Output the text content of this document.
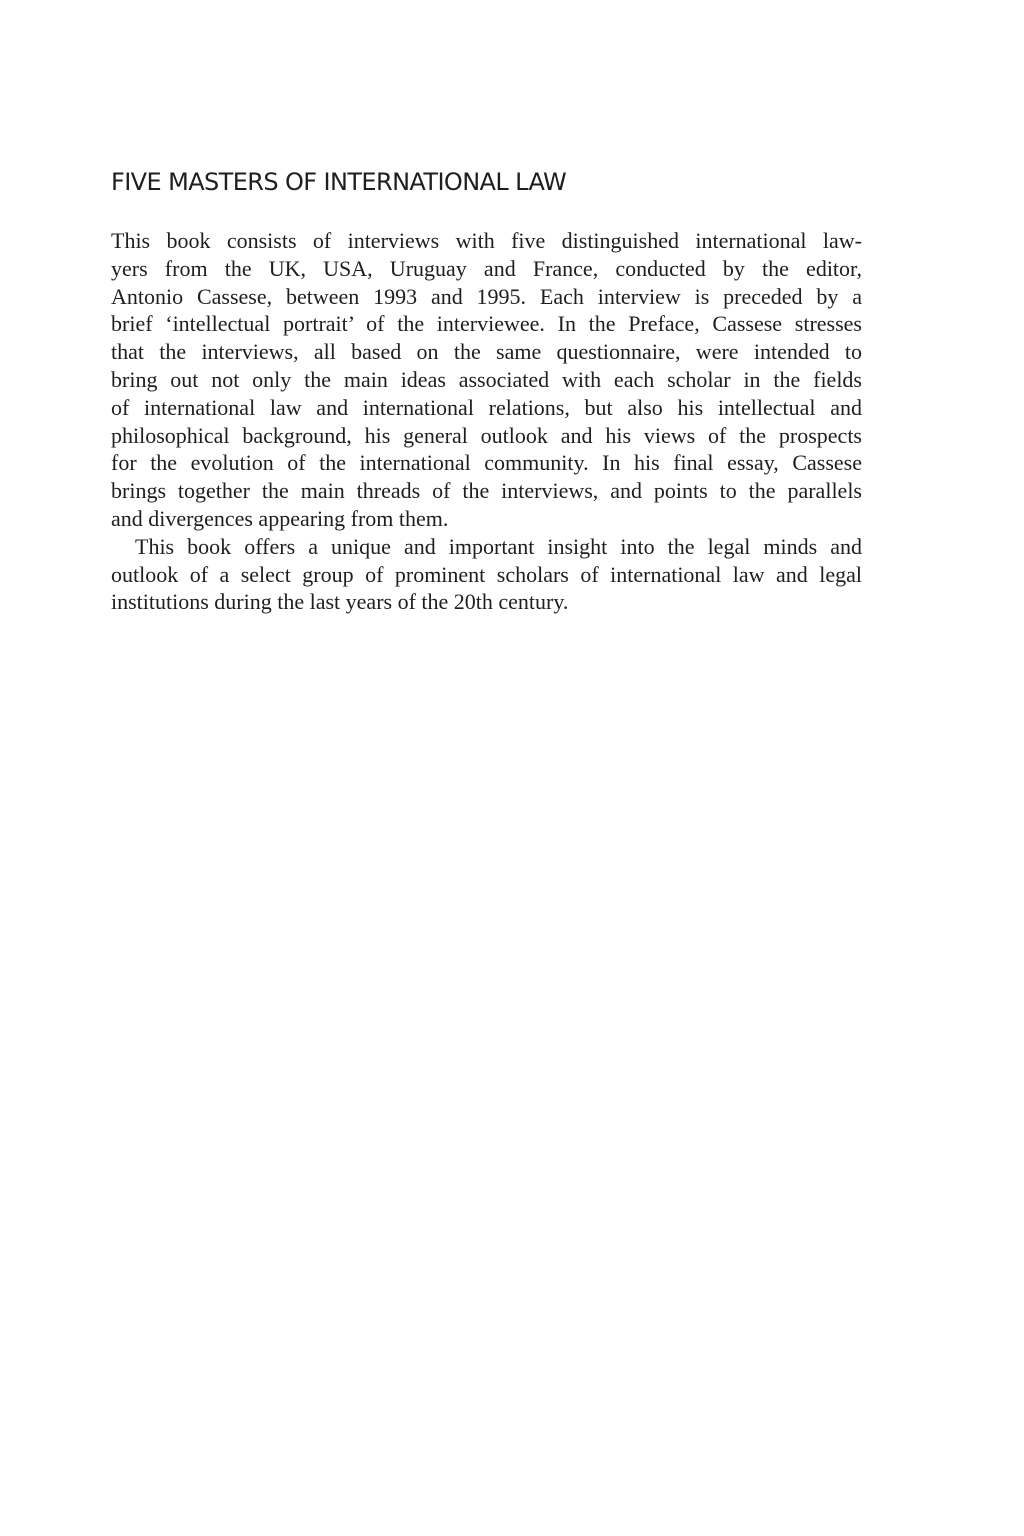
FIVE MASTERS OF INTERNATIONAL LAW

This book consists of interviews with five distinguished international law-
yers from the UK, USA, Uruguay and France, conducted by the editor,
Antonio Cassese, between 1993 and 1995. Each interview is preceded by a
brief ‘intellectual portrait’ of the interviewee. In the Preface, Cassese stresses
that the interviews, all based on the same questionnaire, were intended to
bring out not only the main ideas associated with each scholar in the fields
of international law and international relations, but also his intellectual and
philosophical background, his general outlook and his views of the prospects
for the evolution of the international community. In his final essay, Cassese
brings together the main threads of the interviews, and points to the parallels
and divergences appearing from them.

This book offers a unique and important insight into the legal minds and
outlook of a select group of prominent scholars of international law and legal
institutions during the last years of the 20th century.
